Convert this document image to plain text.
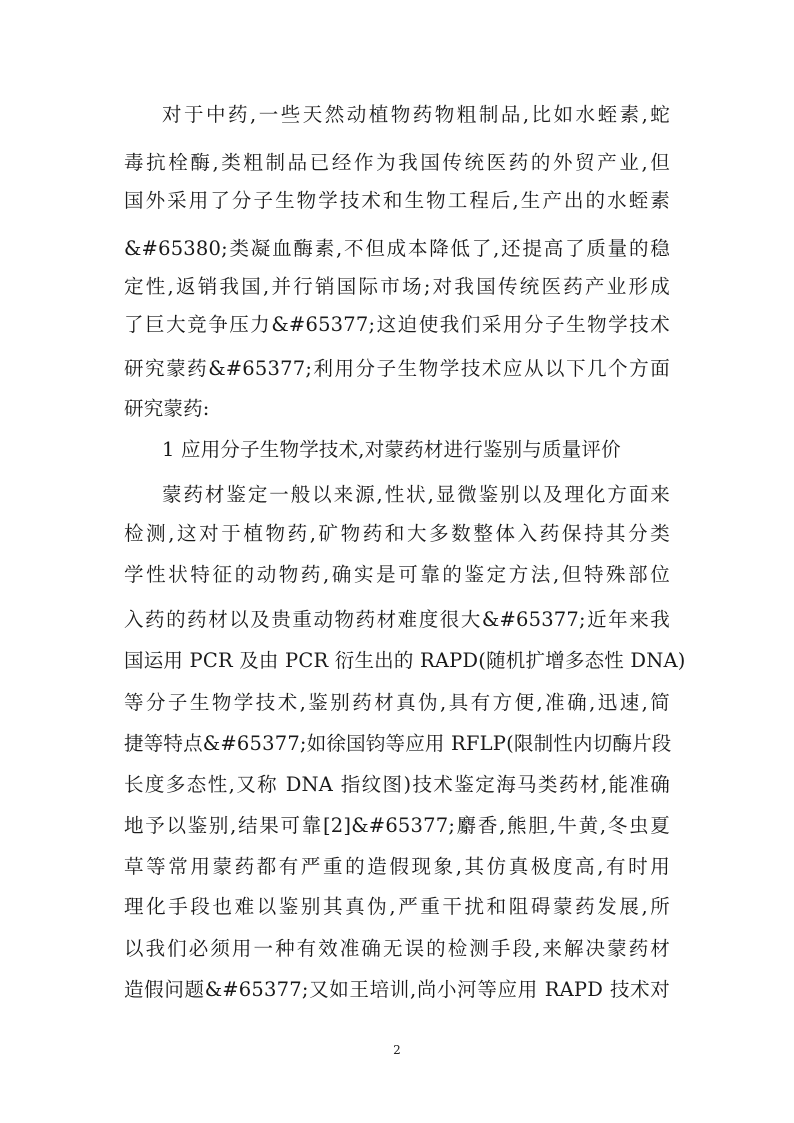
对于中药,一些天然动植物药物粗制品,比如水蛭素,蛇
毒抗栓酶,类粗制品已经作为我国传统医药的外贸产业,但
国外采用了分子生物学技术和生物工程后,生产出的水蛭素
&#65380;类凝血酶素,不但成本降低了,还提高了质量的稳
定性,返销我国,并行销国际市场;对我国传统医药产业形成
了巨大竞争压力&#65377;这迫使我们采用分子生物学技术
研究蒙药&#65377;利用分子生物学技术应从以下几个方面
研究蒙药:
1 应用分子生物学技术,对蒙药材进行鉴别与质量评价
蒙药材鉴定一般以来源,性状,显微鉴别以及理化方面来
检测,这对于植物药,矿物药和大多数整体入药保持其分类
学性状特征的动物药,确实是可靠的鉴定方法,但特殊部位
入药的药材以及贵重动物药材难度很大&#65377;近年来我
国运用 PCR 及由 PCR 衍生出的 RAPD(随机扩增多态性 DNA)
等分子生物学技术,鉴别药材真伪,具有方便,准确,迅速,简
捷等特点&#65377;如徐国钧等应用 RFLP(限制性内切酶片段
长度多态性,又称 DNA 指纹图)技术鉴定海马类药材,能准确
地予以鉴别,结果可靠[2]&#65377;麝香,熊胆,牛黄,冬虫夏
草等常用蒙药都有严重的造假现象,其仿真极度高,有时用
理化手段也难以鉴别其真伪,严重干扰和阻碍蒙药发展,所
以我们必须用一种有效准确无误的检测手段,来解决蒙药材
造假问题&#65377;又如王培训,尚小河等应用 RAPD 技术对
2
